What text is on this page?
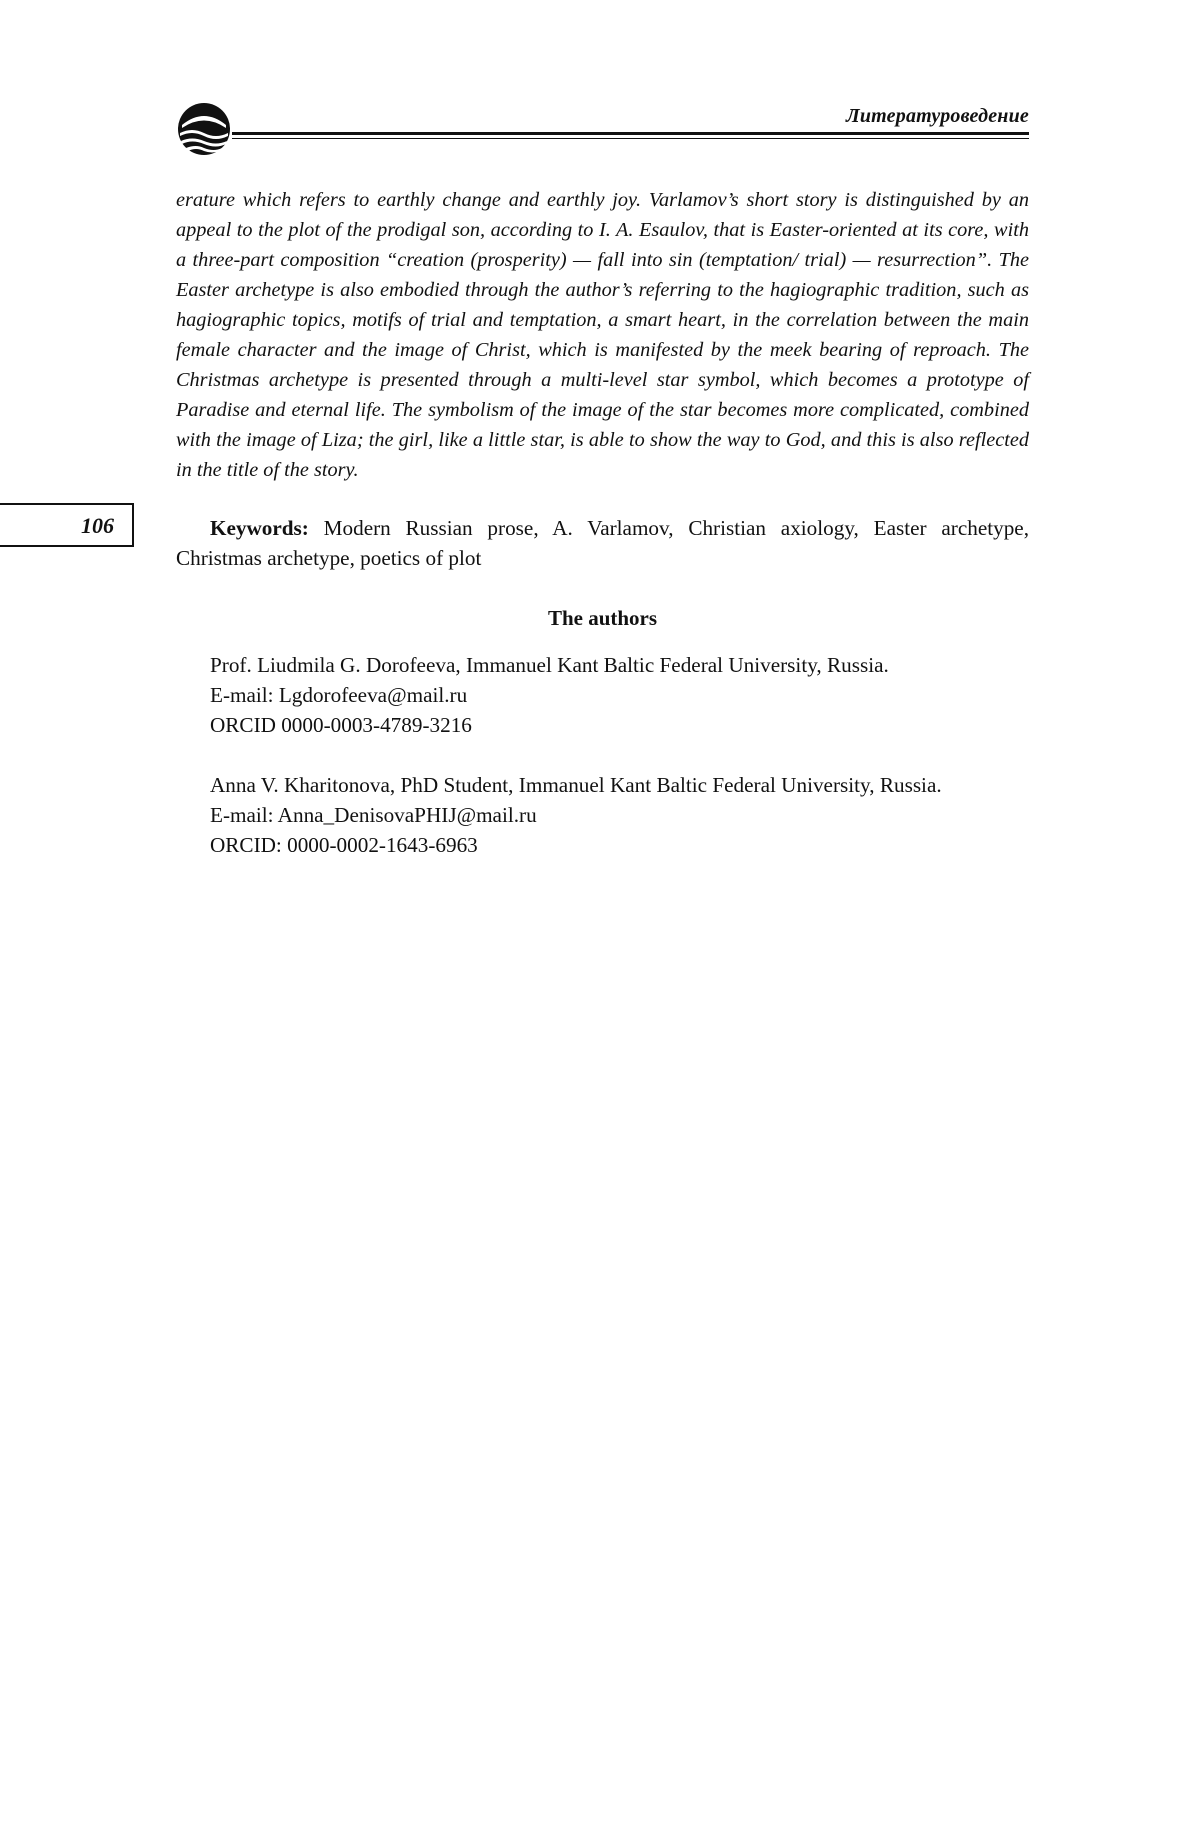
Литературоведение

erature which refers to earthly change and earthly joy. Varlamov’s short story is distinguished by an appeal to the plot of the prodigal son, according to I. A. Esaulov, that is Easter-oriented at its core, with a three-part composition “creation (prosperity) — fall into sin (temptation/ trial) — resurrection”. The Easter archetype is also embodied through the author’s referring to the hagiographic tradition, such as hagiographic topics, motifs of trial and temptation, a smart heart, in the correlation between the main female character and the image of Christ, which is manifested by the meek bearing of reproach. The Christmas archetype is presented through a multi-level star symbol, which becomes a prototype of Paradise and eternal life. The symbolism of the image of the star becomes more complicated, combined with the image of Liza; the girl, like a little star, is able to show the way to God, and this is also reflected in the title of the story.

106	Keywords: Modern Russian prose, A. Varlamov, Christian axiology, Easter archetype, Christmas archetype, poetics of plot

The authors
Prof. Liudmila G. Dorofeeva, Immanuel Kant Baltic Federal University, Russia.
E-mail: Lgdorofeeva@mail.ru
ORCID 0000-0003-4789-3216
Anna V. Kharitonova, PhD Student, Immanuel Kant Baltic Federal University, Russia.
E-mail: Anna_DenisovaPHIJ@mail.ru
ORCID: 0000-0002-1643-6963
